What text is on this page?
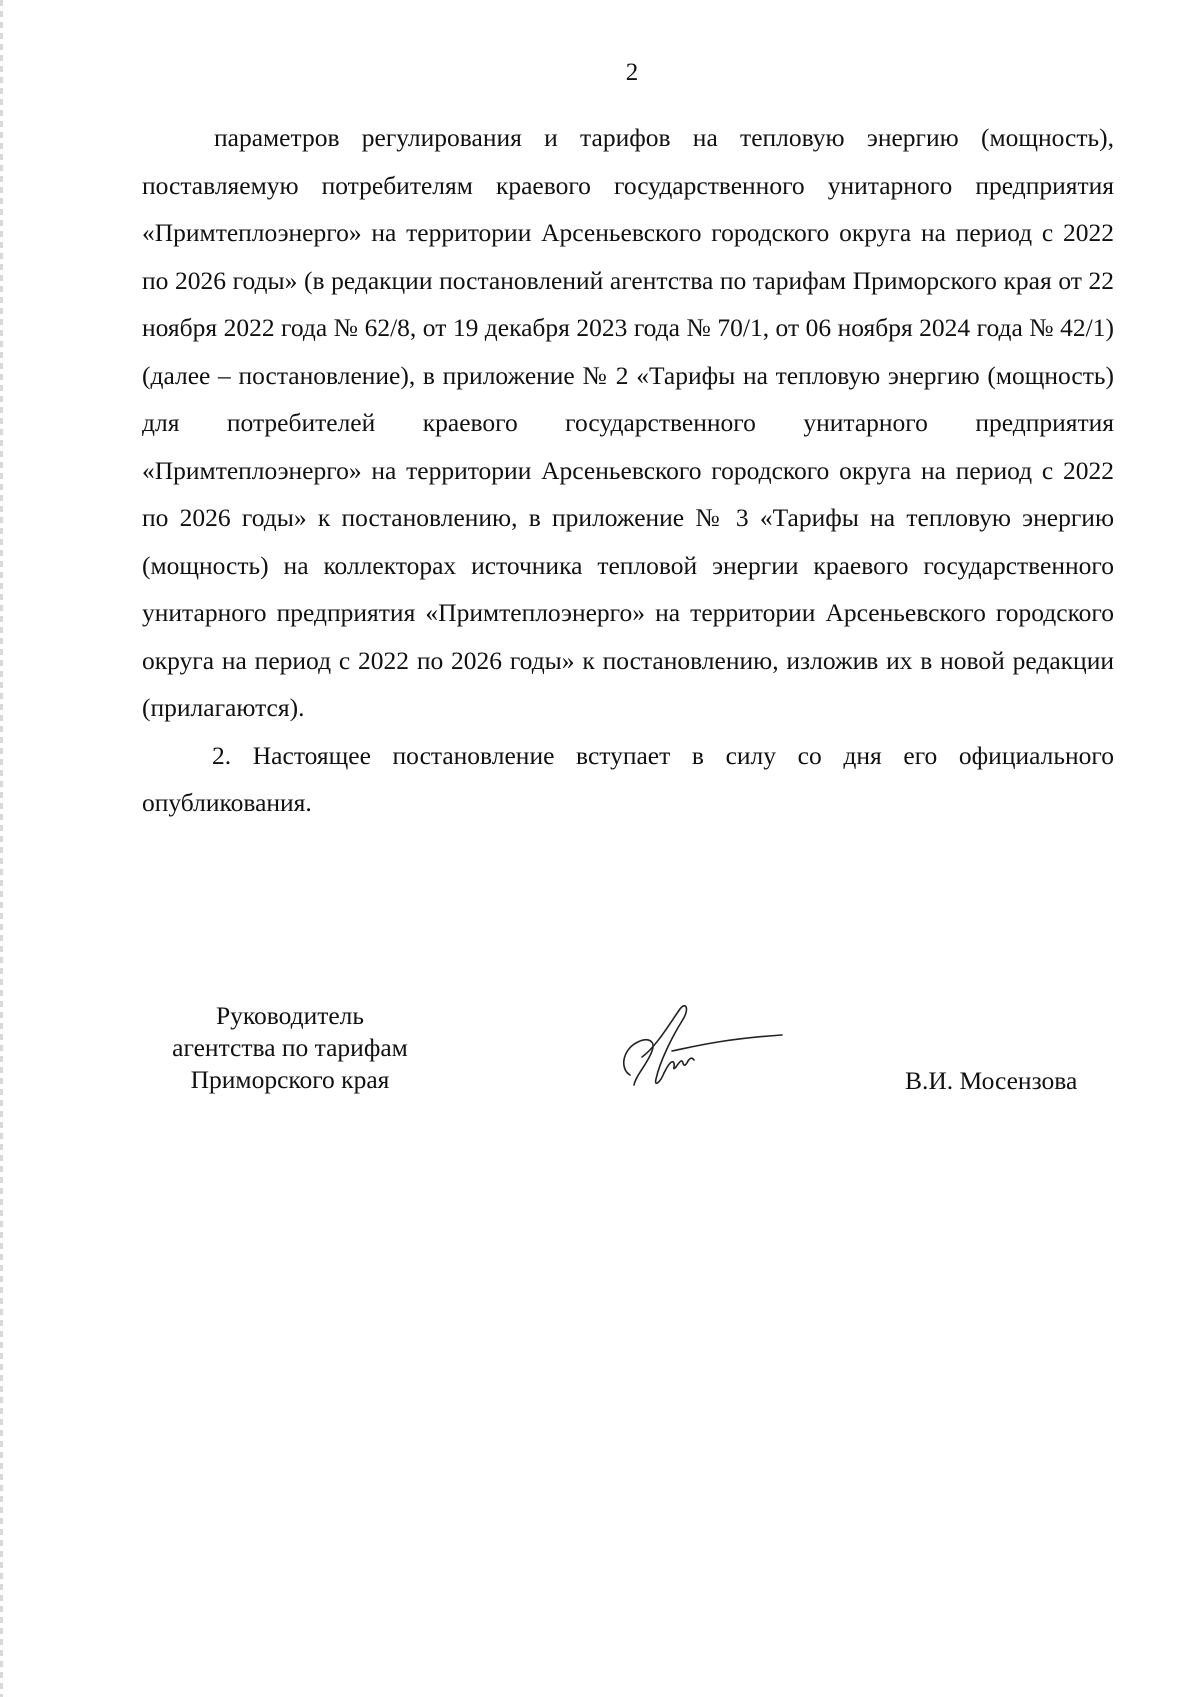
2

параметров регулирования и тарифов на тепловую энергию (мощность), поставляемую потребителям краевого государственного унитарного предприятия «Примтеплоэнерго» на территории Арсеньевского городского округа на период с 2022 по 2026 годы» (в редакции постановлений агентства по тарифам Приморского края от 22 ноября 2022 года № 62/8, от 19 декабря 2023 года № 70/1, от 06 ноября 2024 года № 42/1) (далее – постановление), в приложение № 2 «Тарифы на тепловую энергию (мощность) для потребителей краевого государственного унитарного предприятия «Примтеплоэнерго» на территории Арсеньевского городского округа на период с 2022 по 2026 годы» к постановлению, в приложение № 3 «Тарифы на тепловую энергию (мощность) на коллекторах источника тепловой энергии краевого государственного унитарного предприятия «Примтеплоэнерго» на территории Арсеньевского городского округа на период с 2022 по 2026 годы» к постановлению, изложив их в новой редакции (прилагаются).

2. Настоящее постановление вступает в силу со дня его официального опубликования.

Руководитель
агентства по тарифам
Приморского края	В.И. Мосензова
